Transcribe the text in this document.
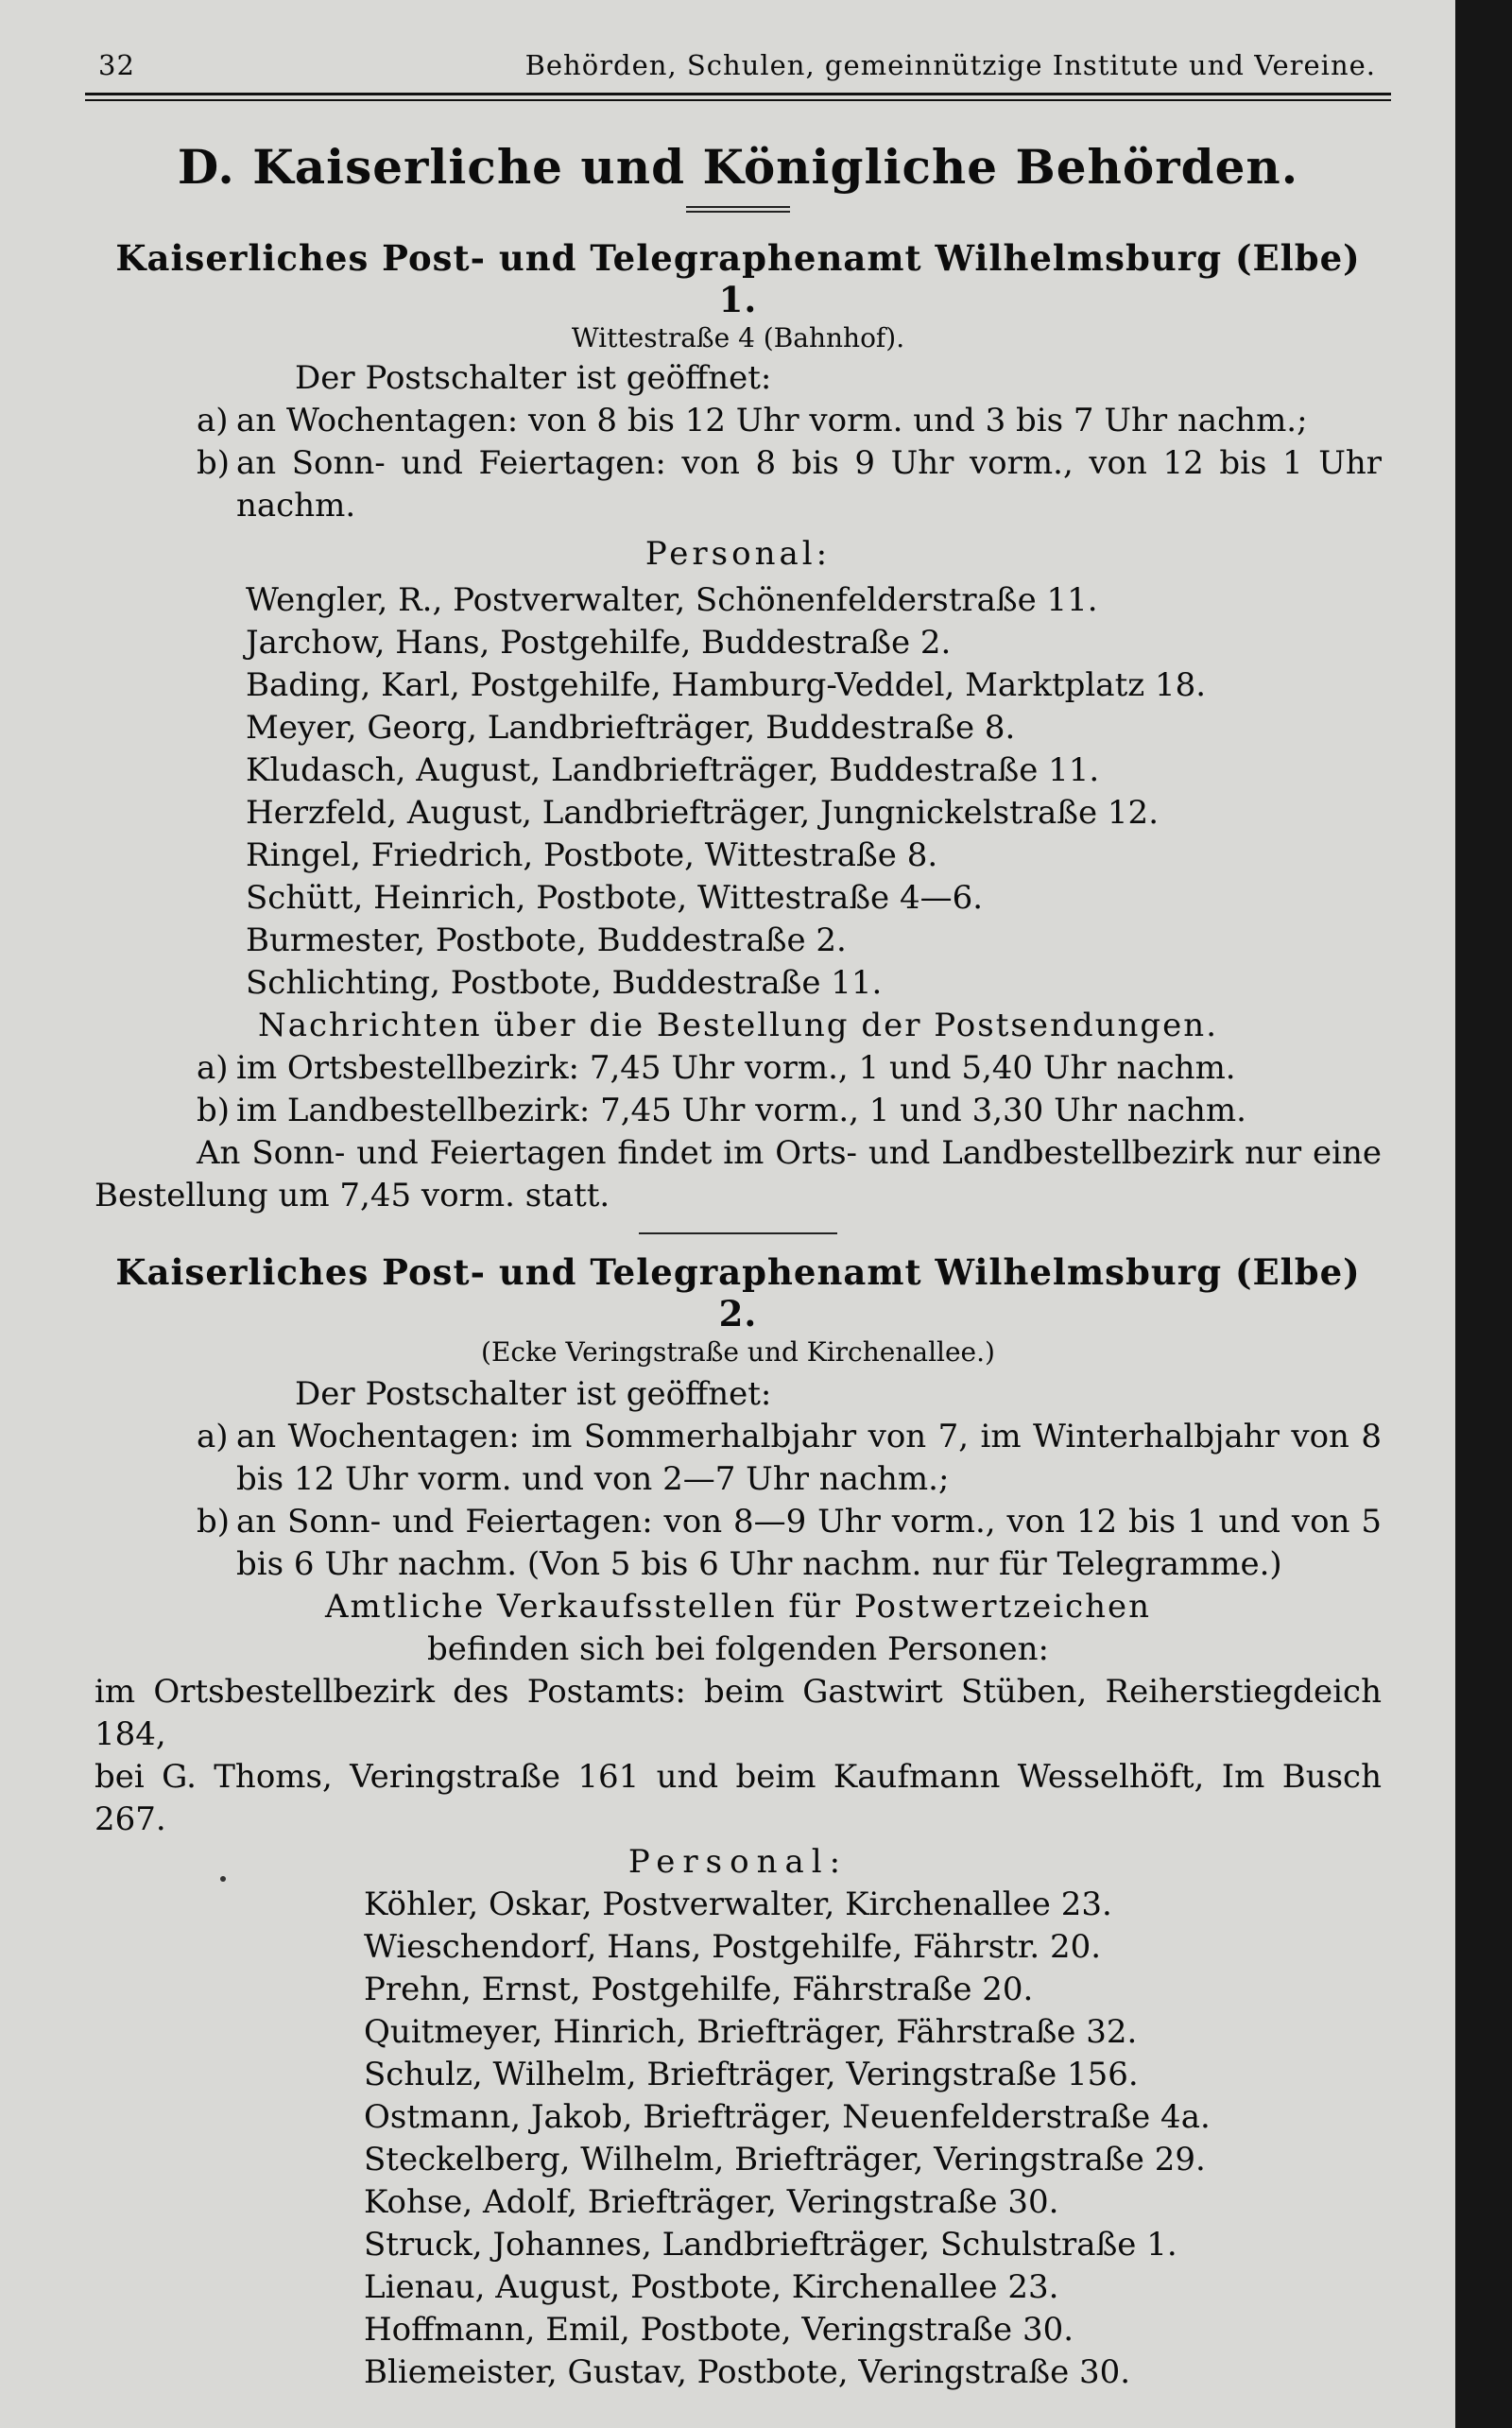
32	Behörden, Schulen, gemeinnützige Institute und Vereine.
D. Kaiserliche und Königliche Behörden.
Kaiserliches Post- und Telegraphenamt Wilhelmsburg (Elbe) 1.
Wittestraße 4 (Bahnhof).

Der Postschalter ist geöffnet:

a) an Wochentagen: von 8 bis 12 Uhr vorm. und 3 bis 7 Uhr nachm.;
b) an Sonn- und Feiertagen: von 8 bis 9 Uhr vorm., von 12 bis 1 Uhr nachm.

Personal:

Wengler, R., Postverwalter, Schönenfelderstraße 11.

Jarchow, Hans, Postgehilfe, Buddestraße 2.

Bading, Karl, Postgehilfe, Hamburg-Veddel, Marktplatz 18.

Meyer, Georg, Landbriefträger, Buddestraße 8.

Kludasch, August, Landbriefträger, Buddestraße 11.

Herzfeld, August, Landbriefträger, Jungnickelstraße 12.

Ringel, Friedrich, Postbote, Wittestraße 8.

Schütt, Heinrich, Postbote, Wittestraße 4—6.

Burmester, Postbote, Buddestraße 2.

Schlichting, Postbote, Buddestraße 11.

Nachrichten über die Bestellung der Postsendungen.

a) im Ortsbestellbezirk: 7,45 Uhr vorm., 1 und 5,40 Uhr nachm.
b) im Landbestellbezirk: 7,45 Uhr vorm., 1 und 3,30 Uhr nachm.

An Sonn- und Feiertagen findet im Orts- und Landbestellbezirk nur eine

Bestellung um 7,45 vorm. statt.

Kaiserliches Post- und Telegraphenamt Wilhelmsburg (Elbe) 2.
(Ecke Veringstraße und Kirchenallee.)

Der Postschalter ist geöffnet:

a) an Wochentagen: im Sommerhalbjahr von 7, im Winterhalbjahr von 8 bis 12 Uhr vorm. und von 2—7 Uhr nachm.;
b) an Sonn- und Feiertagen: von 8—9 Uhr vorm., von 12 bis 1 und von 5 bis 6 Uhr nachm. (Von 5 bis 6 Uhr nachm. nur für Telegramme.)

Amtliche Verkaufsstellen für Postwertzeichen

befinden sich bei folgenden Personen:

im Ortsbestellbezirk des Postamts: beim Gastwirt Stüben, Reiherstiegdeich 184,

bei G. Thoms, Veringstraße 161 und beim Kaufmann Wesselhöft, Im Busch 267.

Personal:

Köhler, Oskar, Postverwalter, Kirchenallee 23.

Wieschendorf, Hans, Postgehilfe, Fährstr. 20.

Prehn, Ernst, Postgehilfe, Fährstraße 20.

Quitmeyer, Hinrich, Briefträger, Fährstraße 32.

Schulz, Wilhelm, Briefträger, Veringstraße 156.

Ostmann, Jakob, Briefträger, Neuenfelderstraße 4a.

Steckelberg, Wilhelm, Briefträger, Veringstraße 29.

Kohse, Adolf, Briefträger, Veringstraße 30.

Struck, Johannes, Landbriefträger, Schulstraße 1.

Lienau, August, Postbote, Kirchenallee 23.

Hoffmann, Emil, Postbote, Veringstraße 30.

Bliemeister, Gustav, Postbote, Veringstraße 30.
